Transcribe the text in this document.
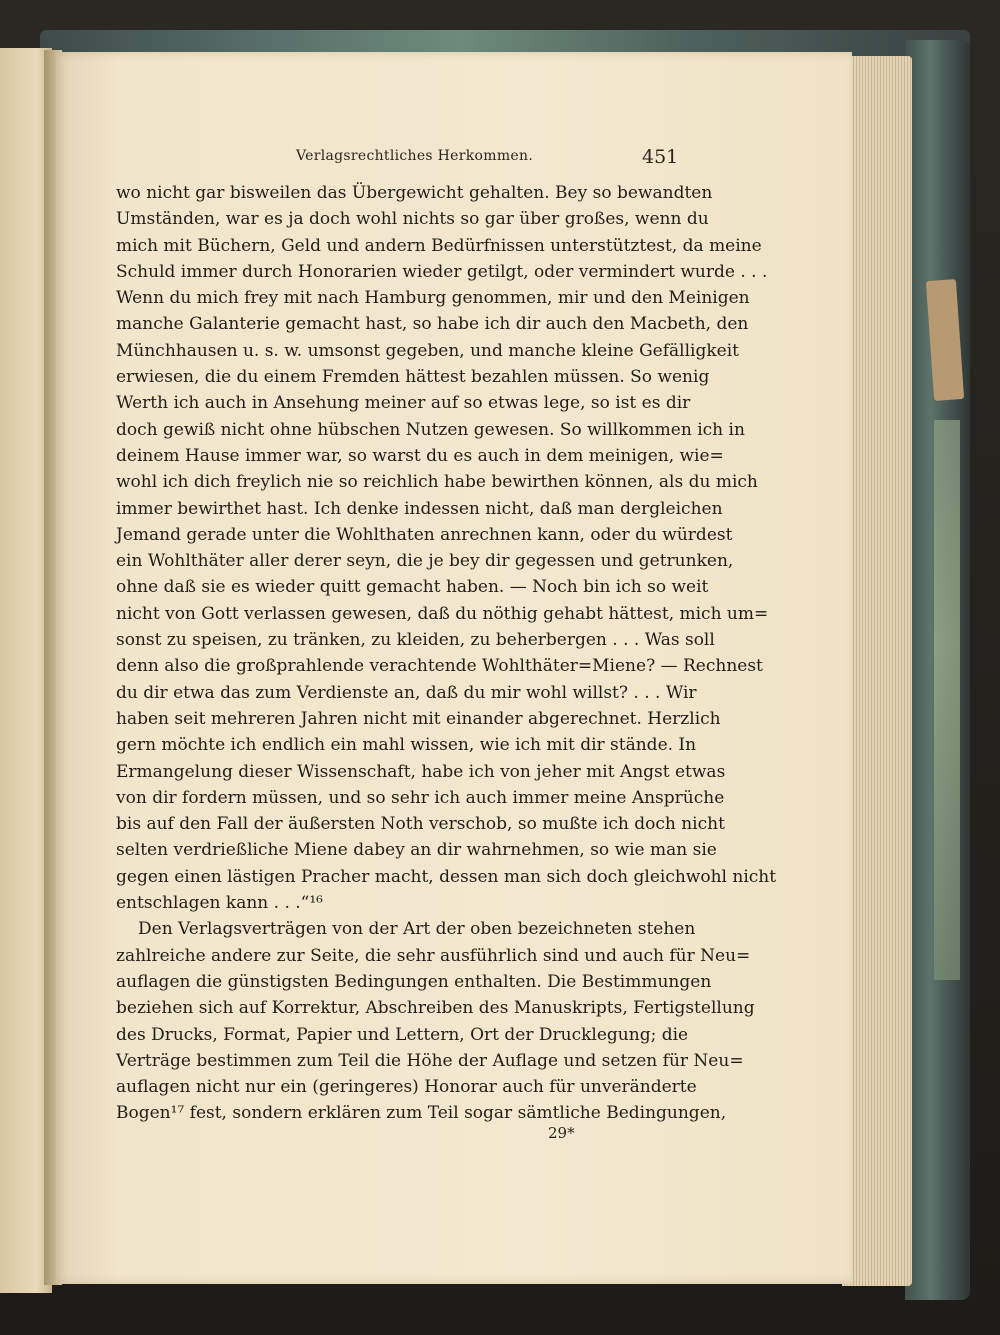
Verlagsrechtliches Herkommen.	451
wo nicht gar bisweilen das Übergewicht gehalten. Bey so bewandten
Umständen, war es ja doch wohl nichts so gar über großes, wenn du
mich mit Büchern, Geld und andern Bedürfnissen unterstütztest, da meine
Schuld immer durch Honorarien wieder getilgt, oder vermindert wurde . . .
Wenn du mich frey mit nach Hamburg genommen, mir und den Meinigen
manche Galanterie gemacht hast, so habe ich dir auch den Macbeth, den
Münchhausen u. s. w. umsonst gegeben, und manche kleine Gefälligkeit
erwiesen, die du einem Fremden hättest bezahlen müssen. So wenig
Werth ich auch in Ansehung meiner auf so etwas lege, so ist es dir
doch gewiß nicht ohne hübschen Nutzen gewesen. So willkommen ich in
deinem Hause immer war, so warst du es auch in dem meinigen, wie=
wohl ich dich freylich nie so reichlich habe bewirthen können, als du mich
immer bewirthet hast. Ich denke indessen nicht, daß man dergleichen
Jemand gerade unter die Wohlthaten anrechnen kann, oder du würdest
ein Wohlthäter aller derer seyn, die je bey dir gegessen und getrunken,
ohne daß sie es wieder quitt gemacht haben. — Noch bin ich so weit
nicht von Gott verlassen gewesen, daß du nöthig gehabt hättest, mich um=
sonst zu speisen, zu tränken, zu kleiden, zu beherbergen . . . Was soll
denn also die großprahlende verachtende Wohlthäter=Miene? — Rechnest
du dir etwa das zum Verdienste an, daß du mir wohl willst? . . . Wir
haben seit mehreren Jahren nicht mit einander abgerechnet. Herzlich
gern möchte ich endlich ein mahl wissen, wie ich mit dir stände. In
Ermangelung dieser Wissenschaft, habe ich von jeher mit Angst etwas
von dir fordern müssen, und so sehr ich auch immer meine Ansprüche
bis auf den Fall der äußersten Noth verschob, so mußte ich doch nicht
selten verdrießliche Miene dabey an dir wahrnehmen, so wie man sie
gegen einen lästigen Pracher macht, dessen man sich doch gleichwohl nicht
entschlagen kann . . .“¹⁶
Den Verlagsverträgen von der Art der oben bezeichneten stehen
zahlreiche andere zur Seite, die sehr ausführlich sind und auch für Neu=
auflagen die günstigsten Bedingungen enthalten. Die Bestimmungen
beziehen sich auf Korrektur, Abschreiben des Manuskripts, Fertigstellung
des Drucks, Format, Papier und Lettern, Ort der Drucklegung; die
Verträge bestimmen zum Teil die Höhe der Auflage und setzen für Neu=
auflagen nicht nur ein (geringeres) Honorar auch für unveränderte
Bogen¹⁷ fest, sondern erklären zum Teil sogar sämtliche Bedingungen,
29*
